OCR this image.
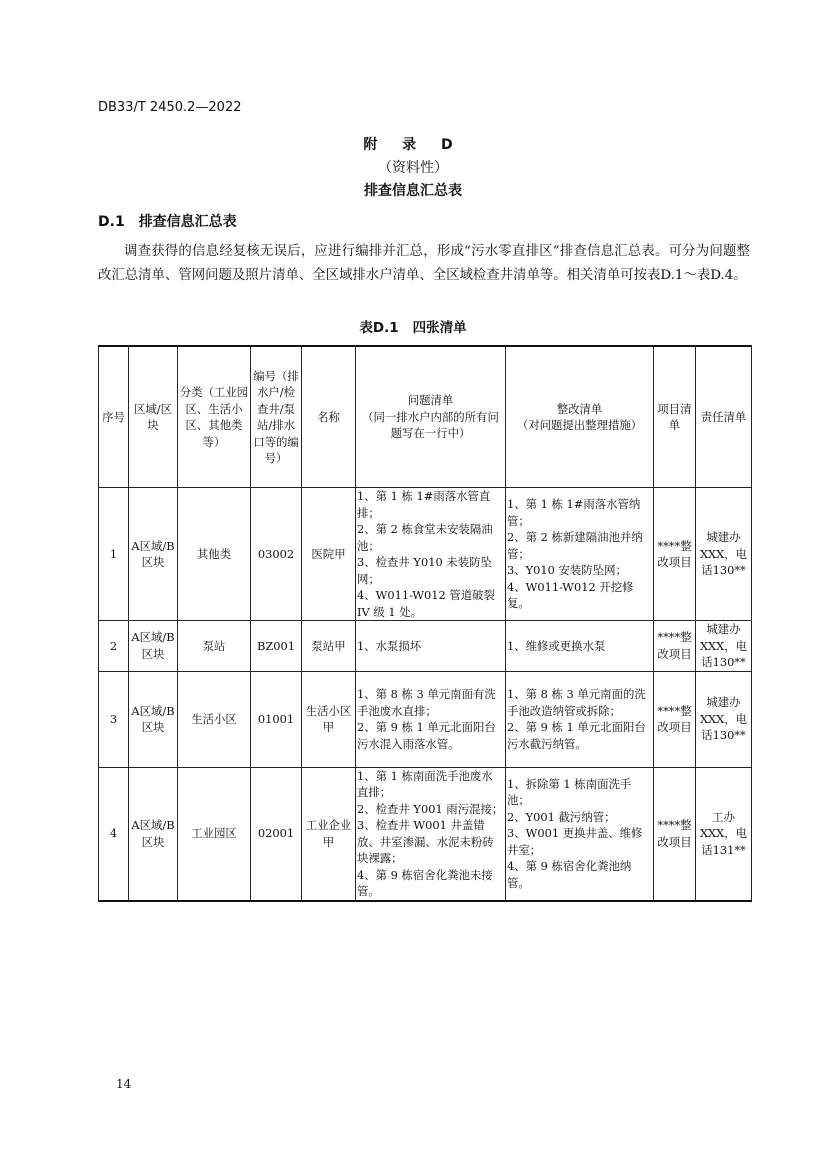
DB33/T 2450.2—2022
附 录 D
（资料性）
排查信息汇总表
D.1 排查信息汇总表
调查获得的信息经复核无误后，应进行编排并汇总，形成“污水零直排区”排查信息汇总表。可分为问题整改汇总清单、管网问题及照片清单、全区域排水户清单、全区域检查井清单等。相关清单可按表D.1～表D.4。
表D.1 四张清单
序号	区域/区块	分类（工业园区、生活小区、其他类等）	编号（排水户/检查井/泵站/排水口等的编号）	名称	问题清单
（同一排水户内部的所有问题写在一行中）	整改清单
（对问题提出整理措施）	项目清单	责任清单
1	A区域/B区块	其他类	03002	医院甲	1、第 1 栋 1#雨落水管直排；
2、第 2 栋食堂未安装隔油池；
3、检查井 Y010 未装防坠网；
4、W011-W012 管道破裂 IV 级 1 处。	1、第 1 栋 1#雨落水管纳管；
2、第 2 栋新建隔油池并纳管；
3、Y010 安装防坠网；
4、W011-W012 开挖修复。	****整改项目	城建办XXX，电话130**
2	A区域/B区块	泵站	BZ001	泵站甲	1、水泵损坏	1、维修或更换水泵	****整改项目	城建办XXX，电话130**
3	A区域/B区块	生活小区	01001	生活小区甲	1、第 8 栋 3 单元南面有洗手池废水直排；
2、第 9 栋 1 单元北面阳台污水混入雨落水管。	1、第 8 栋 3 单元南面的洗手池改造纳管或拆除；
2、第 9 栋 1 单元北面阳台污水截污纳管。	****整改项目	城建办XXX，电话130**
4	A区域/B区块	工业园区	02001	工业企业甲	1、第 1 栋南面洗手池废水直排；
2、检查井 Y001 雨污混接；
3、检查井 W001 井盖错放、井室渗漏、水泥未粉砖块裸露；
4、第 9 栋宿舍化粪池未接管。	1、拆除第 1 栋南面洗手池；
2、Y001 截污纳管；
3、W001 更换井盖、维修井室；
4、第 9 栋宿舍化粪池纳管。	****整改项目	工办XXX，电话131**
14
